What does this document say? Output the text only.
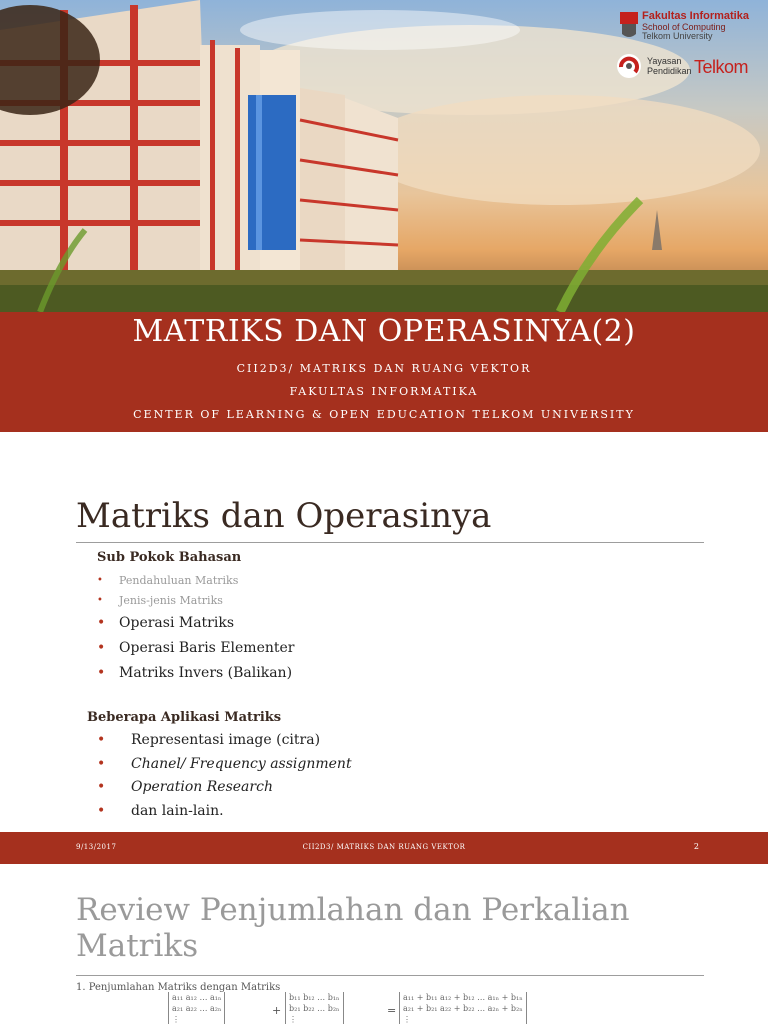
Fakultas Informatika
School of Computing
Telkom University
Yayasan
Pendidikan Telkom
MATRIKS DAN OPERASINYA(2)
CII2D3/ MATRIKS DAN RUANG VEKTOR
FAKULTAS INFORMATIKA
CENTER OF LEARNING & OPEN EDUCATION TELKOM UNIVERSITY
Matriks dan Operasinya
Sub Pokok Bahasan
• Pendahuluan Matriks
• Jenis-jenis Matriks
• Operasi Matriks
• Operasi Baris Elementer
• Matriks Invers (Balikan)
Beberapa Aplikasi Matriks
• Representasi image (citra)
• Chanel/ Frequency assignment
• Operation Research
• dan lain-lain.
9/13/2017	CII2D3/ MATRIKS DAN RUANG VEKTOR	2
Review Penjumlahan dan Perkalian Matriks
1. Penjumlahan Matriks dengan Matriks
a₁₁ a₁₂ … a₁ₙ
a₂₁ a₂₂ … a₂ₙ
⋮
+
b₁₁ b₁₂ … b₁ₙ
b₂₁ b₂₂ … b₂ₙ
⋮
=
a₁₁ + b₁₁ a₁₂ + b₁₂ … a₁ₙ + b₁ₙ
a₂₁ + b₂₁ a₂₂ + b₂₂ … a₂ₙ + b₂ₙ
⋮
